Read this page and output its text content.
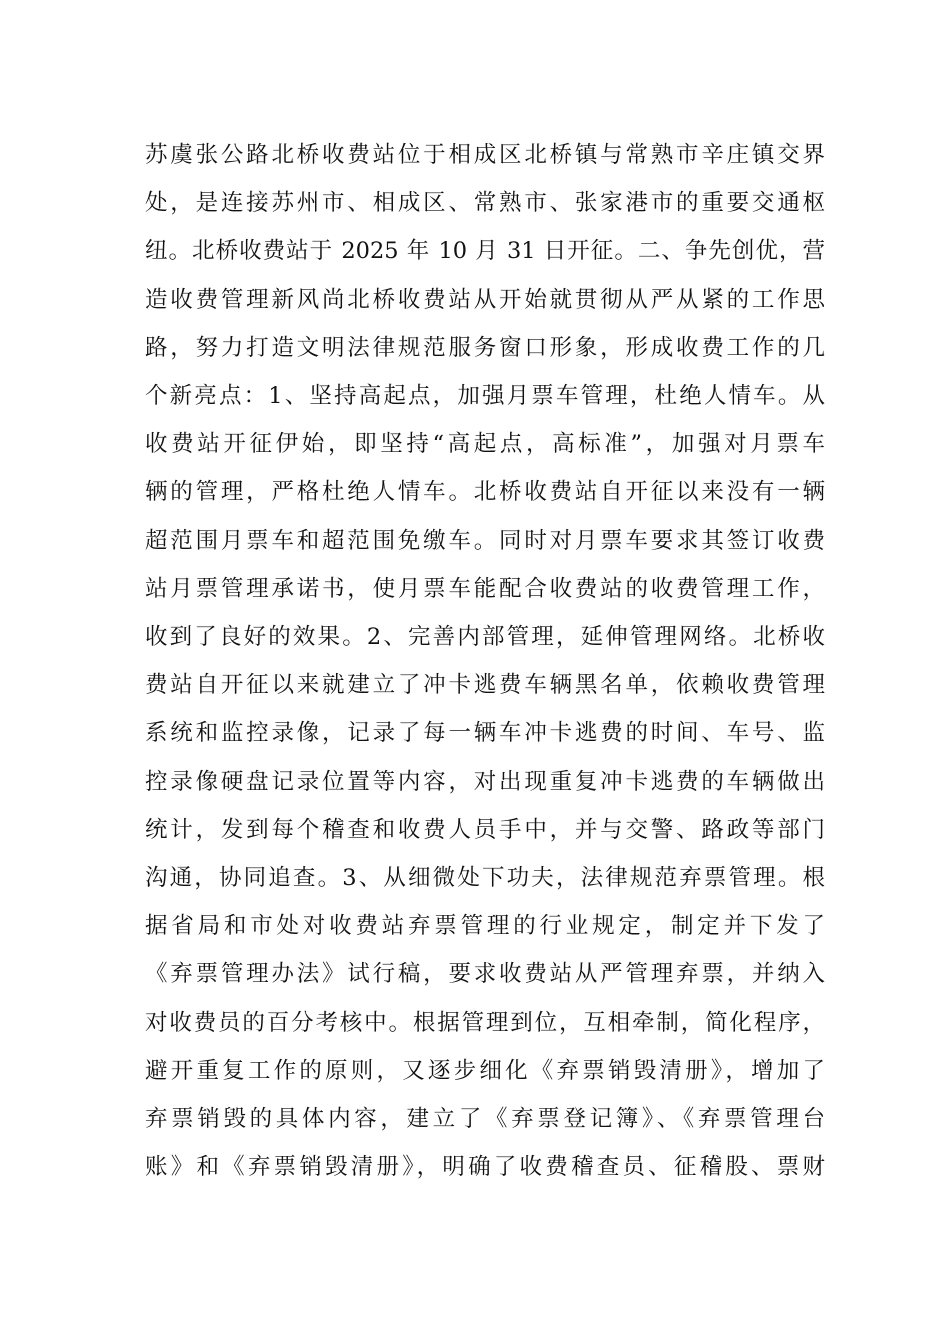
苏虞张公路北桥收费站位于相成区北桥镇与常熟市辛庄镇交界
处，是连接苏州市、相成区、常熟市、张家港市的重要交通枢
纽。北桥收费站于 2025 年 10 月 31 日开征。二、争先创优，营
造收费管理新风尚北桥收费站从开始就贯彻从严从紧的工作思
路，努力打造文明法律规范服务窗口形象，形成收费工作的几
个新亮点：1、坚持高起点，加强月票车管理，杜绝人情车。从
收费站开征伊始，即坚持“高起点，高标准”，加强对月票车
辆的管理，严格杜绝人情车。北桥收费站自开征以来没有一辆
超范围月票车和超范围免缴车。同时对月票车要求其签订收费
站月票管理承诺书，使月票车能配合收费站的收费管理工作，
收到了良好的效果。2、完善内部管理，延伸管理网络。北桥收
费站自开征以来就建立了冲卡逃费车辆黑名单，依赖收费管理
系统和监控录像，记录了每一辆车冲卡逃费的时间、车号、监
控录像硬盘记录位置等内容，对出现重复冲卡逃费的车辆做出
统计，发到每个稽查和收费人员手中，并与交警、路政等部门
沟通，协同追查。3、从细微处下功夫，法律规范弃票管理。根
据省局和市处对收费站弃票管理的行业规定，制定并下发了
《弃票管理办法》试行稿，要求收费站从严管理弃票，并纳入
对收费员的百分考核中。根据管理到位，互相牵制，简化程序，
避开重复工作的原则，又逐步细化《弃票销毁清册》，增加了
弃票销毁的具体内容，建立了《弃票登记簿》、《弃票管理台
账》和《弃票销毁清册》，明确了收费稽查员、征稽股、票财
